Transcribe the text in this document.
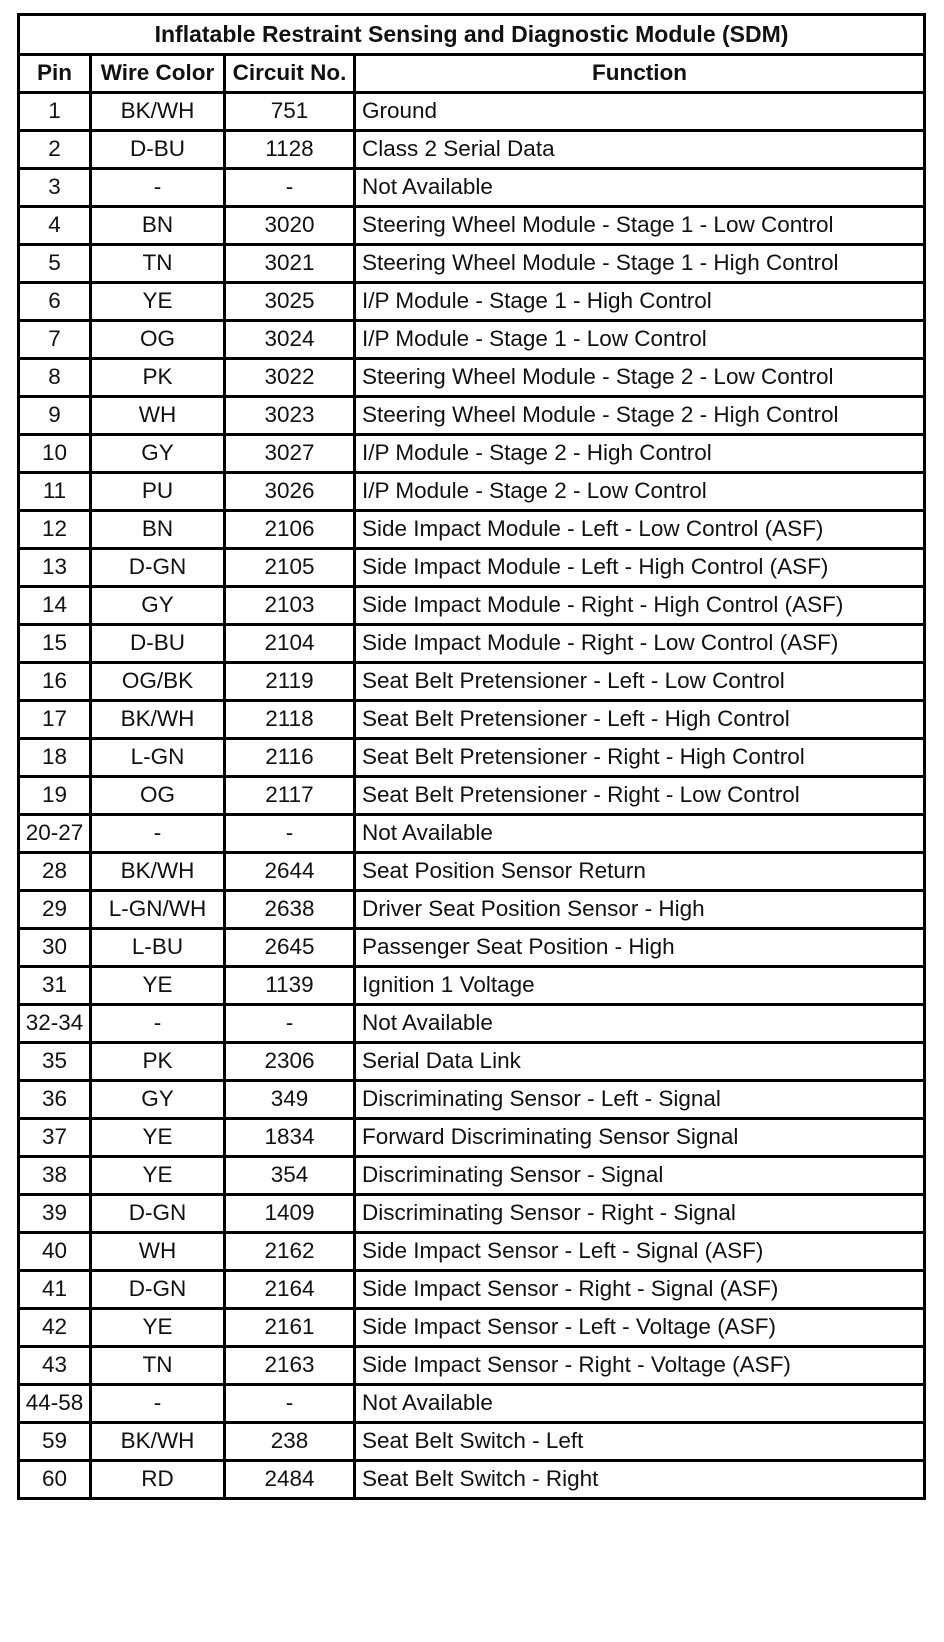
Inflatable Restraint Sensing and Diagnostic Module (SDM)			
Pin	Wire Color	Circuit No.	Function
1	BK/WH	751	Ground
2	D-BU	1128	Class 2 Serial Data
3	-	-	Not Available
4	BN	3020	Steering Wheel Module - Stage 1 - Low Control
5	TN	3021	Steering Wheel Module - Stage 1 - High Control
6	YE	3025	I/P Module - Stage 1 - High Control
7	OG	3024	I/P Module - Stage 1 - Low Control
8	PK	3022	Steering Wheel Module - Stage 2 - Low Control
9	WH	3023	Steering Wheel Module - Stage 2 - High Control
10	GY	3027	I/P Module - Stage 2 - High Control
11	PU	3026	I/P Module - Stage 2 - Low Control
12	BN	2106	Side Impact Module - Left - Low Control (ASF)
13	D-GN	2105	Side Impact Module - Left - High Control (ASF)
14	GY	2103	Side Impact Module - Right - High Control (ASF)
15	D-BU	2104	Side Impact Module - Right - Low Control (ASF)
16	OG/BK	2119	Seat Belt Pretensioner - Left - Low Control
17	BK/WH	2118	Seat Belt Pretensioner - Left - High Control
18	L-GN	2116	Seat Belt Pretensioner - Right - High Control
19	OG	2117	Seat Belt Pretensioner - Right - Low Control
20-27	-	-	Not Available
28	BK/WH	2644	Seat Position Sensor Return
29	L-GN/WH	2638	Driver Seat Position Sensor - High
30	L-BU	2645	Passenger Seat Position - High
31	YE	1139	Ignition 1 Voltage
32-34	-	-	Not Available
35	PK	2306	Serial Data Link
36	GY	349	Discriminating Sensor - Left - Signal
37	YE	1834	Forward Discriminating Sensor Signal
38	YE	354	Discriminating Sensor - Signal
39	D-GN	1409	Discriminating Sensor - Right - Signal
40	WH	2162	Side Impact Sensor - Left - Signal (ASF)
41	D-GN	2164	Side Impact Sensor - Right - Signal (ASF)
42	YE	2161	Side Impact Sensor - Left - Voltage (ASF)
43	TN	2163	Side Impact Sensor - Right - Voltage (ASF)
44-58	-	-	Not Available
59	BK/WH	238	Seat Belt Switch - Left
60	RD	2484	Seat Belt Switch - Right
